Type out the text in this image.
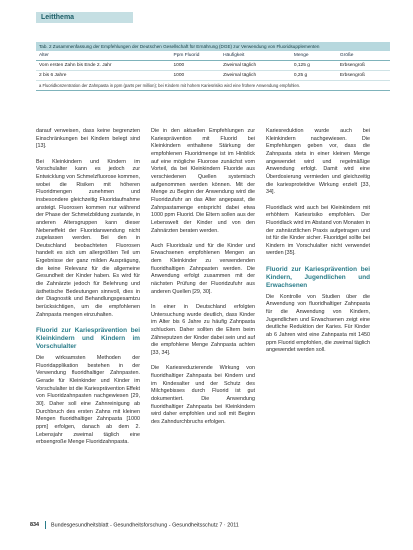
Leitthema
Tab. 2 Zusammenfassung der Empfehlungen der Deutschen Gesellschaft für Ernährung (DGE) zur Verwendung von Fluoridsupplementen
Alter	Ppm Fluorid	Häufigkeit	Menge	Größe
Vom ersten Zahn bis Ende 2. Jahr	1000	Zweimal täglich	0,125 g	Erbsengroß
2 bis 6 Jahre	1000	Zweimal täglich	0,25 g	Erbsengroß
a Fluoridkonzentration der Zahnpasta in ppm (parts per million); bei Kindern mit hohem Kariesrisiko wird eine frühere Anwendung empfohlen.

darauf verweisen, dass keine begrenzten Einschränkungen bei Kindern belegt sind [13].

Bei Kleinkindern und Kindern im Vorschulalter kann es jedoch zur Entwicklung von Schmelzfluorose kommen, wobei die Risiken mit höheren Fluoridmengen zunehmen und insbesondere gleichzeitig Fluoridaufnahme ansteigt. Fluorosen kommen nur während der Phase der Schmelzbildung zustande, in anderen Altersgruppen kann dieser Nebeneffekt der Fluoridanwendung nicht zugelassen werden. Bei den in Deutschland beobachteten Fluorosen handelt es sich um allergrößten Teil um Ergebnisse der ganz milden Ausprägung, die keine Relevanz für die allgemeine Gesundheit der Kinder haben. Es wird für die Zahnärzte jedoch für Belehrung und ästhetische Bedeutungen sinnvoll, dies in der Diagnostik und Behandlungsgesamtzu berücksichtigen, um die empfohlenen Zahnpasta mengen einzuhalten.

Fluorid zur Kariesprävention bei Kleinkindern und Kindern im Vorschulalter

Die wirksamsten Methoden der Fluoridapplikation bestehen in der Verwendung fluoridhaltiger Zahnpasten. Gerade für Kleinkinder und Kinder im Vorschulalter ist die Kariesprävention Effekt von Fluoridzahnpasten nachgewiesen [29, 30]. Daher soll eine Zahnreinigung ab Durchbruch des ersten Zahns mit kleinen Mengen fluoridhaltiger Zahnpasta [1000 ppm] erfolgen, danach ab dem 2. Lebensjahr zweimal täglich eine erbsengroße Menge Fluoridzahnpasta.

Die in den aktuellen Empfehlungen zur Kariesprävention mit Fluorid bei Kleinkindern enthaltene Stärkung der empfohlenen Fluoridmenge ist im Hinblick auf eine mögliche Fluorose zunächst vom Vorteil, da bei Kleinkindern Fluoride aus verschiedenen Quellen systemisch aufgenommen werden können. Mit der Menge zu Beginn der Anwendung wird die Fluoridzufuhr an das Alter angepasst, die Zahnpastamenge entspricht dabei etwa 1000 ppm Fluorid. Die Eltern sollen aus der Lebenswelt der Kinder und von den Zahnärzten beraten werden.

Auch Fluoridsalz und für die Kinder und Erwachsenen empfohlenen Mengen an dem Kleinkinder zu verwendenden fluoridhaltigen Zahnpasten werden. Die Anwendung erfolgt zusammen mit der nächsten Prüfung der Fluoridzufuhr aus anderen Quellen [29, 30].

In einer in Deutschland erfolgten Untersuchung wurde deutlich, dass Kinder im Alter bis 6 Jahre zu häufig Zahnpasta schlucken. Daher sollten die Eltern beim Zähneputzen der Kinder dabei sein und auf die empfohlene Menge Zahnpasta achten [33, 34].

Die Kariesreduzierende Wirkung von fluoridhaltiger Zahnpasta bei Kindern und im Kindesalter und der Schutz des Milchgebisses durch Fluorid ist gut dokumentiert. Die Anwendung fluoridhaltiger Zahnpasta bei Kleinkindern wird daher empfohlen und soll mit Beginn des Zahndurchbruchs erfolgen.

Kariesreduktion wurde auch bei Kleinkindern nachgewiesen. Die Empfehlungen geben vor, dass die Zahnpasta stets in einer kleinen Menge angewendet wird und regelmäßige Anwendung erfolgt. Damit wird eine Überdosierung vermieden und gleichzeitig die kariesprotektive Wirkung erzielt [33, 34].

Fluoridlack wird auch bei Kleinkindern mit erhöhtem Kariesrisiko empfohlen. Der Fluoridlack wird im Abstand von Monaten in der zahnärztlichen Praxis aufgetragen und ist für die Kinder sicher. Fluoridgel sollte bei Kindern im Vorschulalter nicht verwendet werden [35].

Fluorid zur Kariesprävention bei Kindern, Jugendlichen und Erwachsenen

Die Kontrolle von Studien über die Anwendung von fluoridhaltiger Zahnpasta für die Anwendung von Kindern, Jugendlichen und Erwachsenen zeigt eine deutliche Reduktion der Karies. Für Kinder ab 6 Jahren wird eine Zahnpasta mit 1450 ppm Fluorid empfohlen, die zweimal täglich angewendet werden soll.

834 Bundesgesundheitsblatt - Gesundheitsforschung - Gesundheitsschutz 7 · 2011
